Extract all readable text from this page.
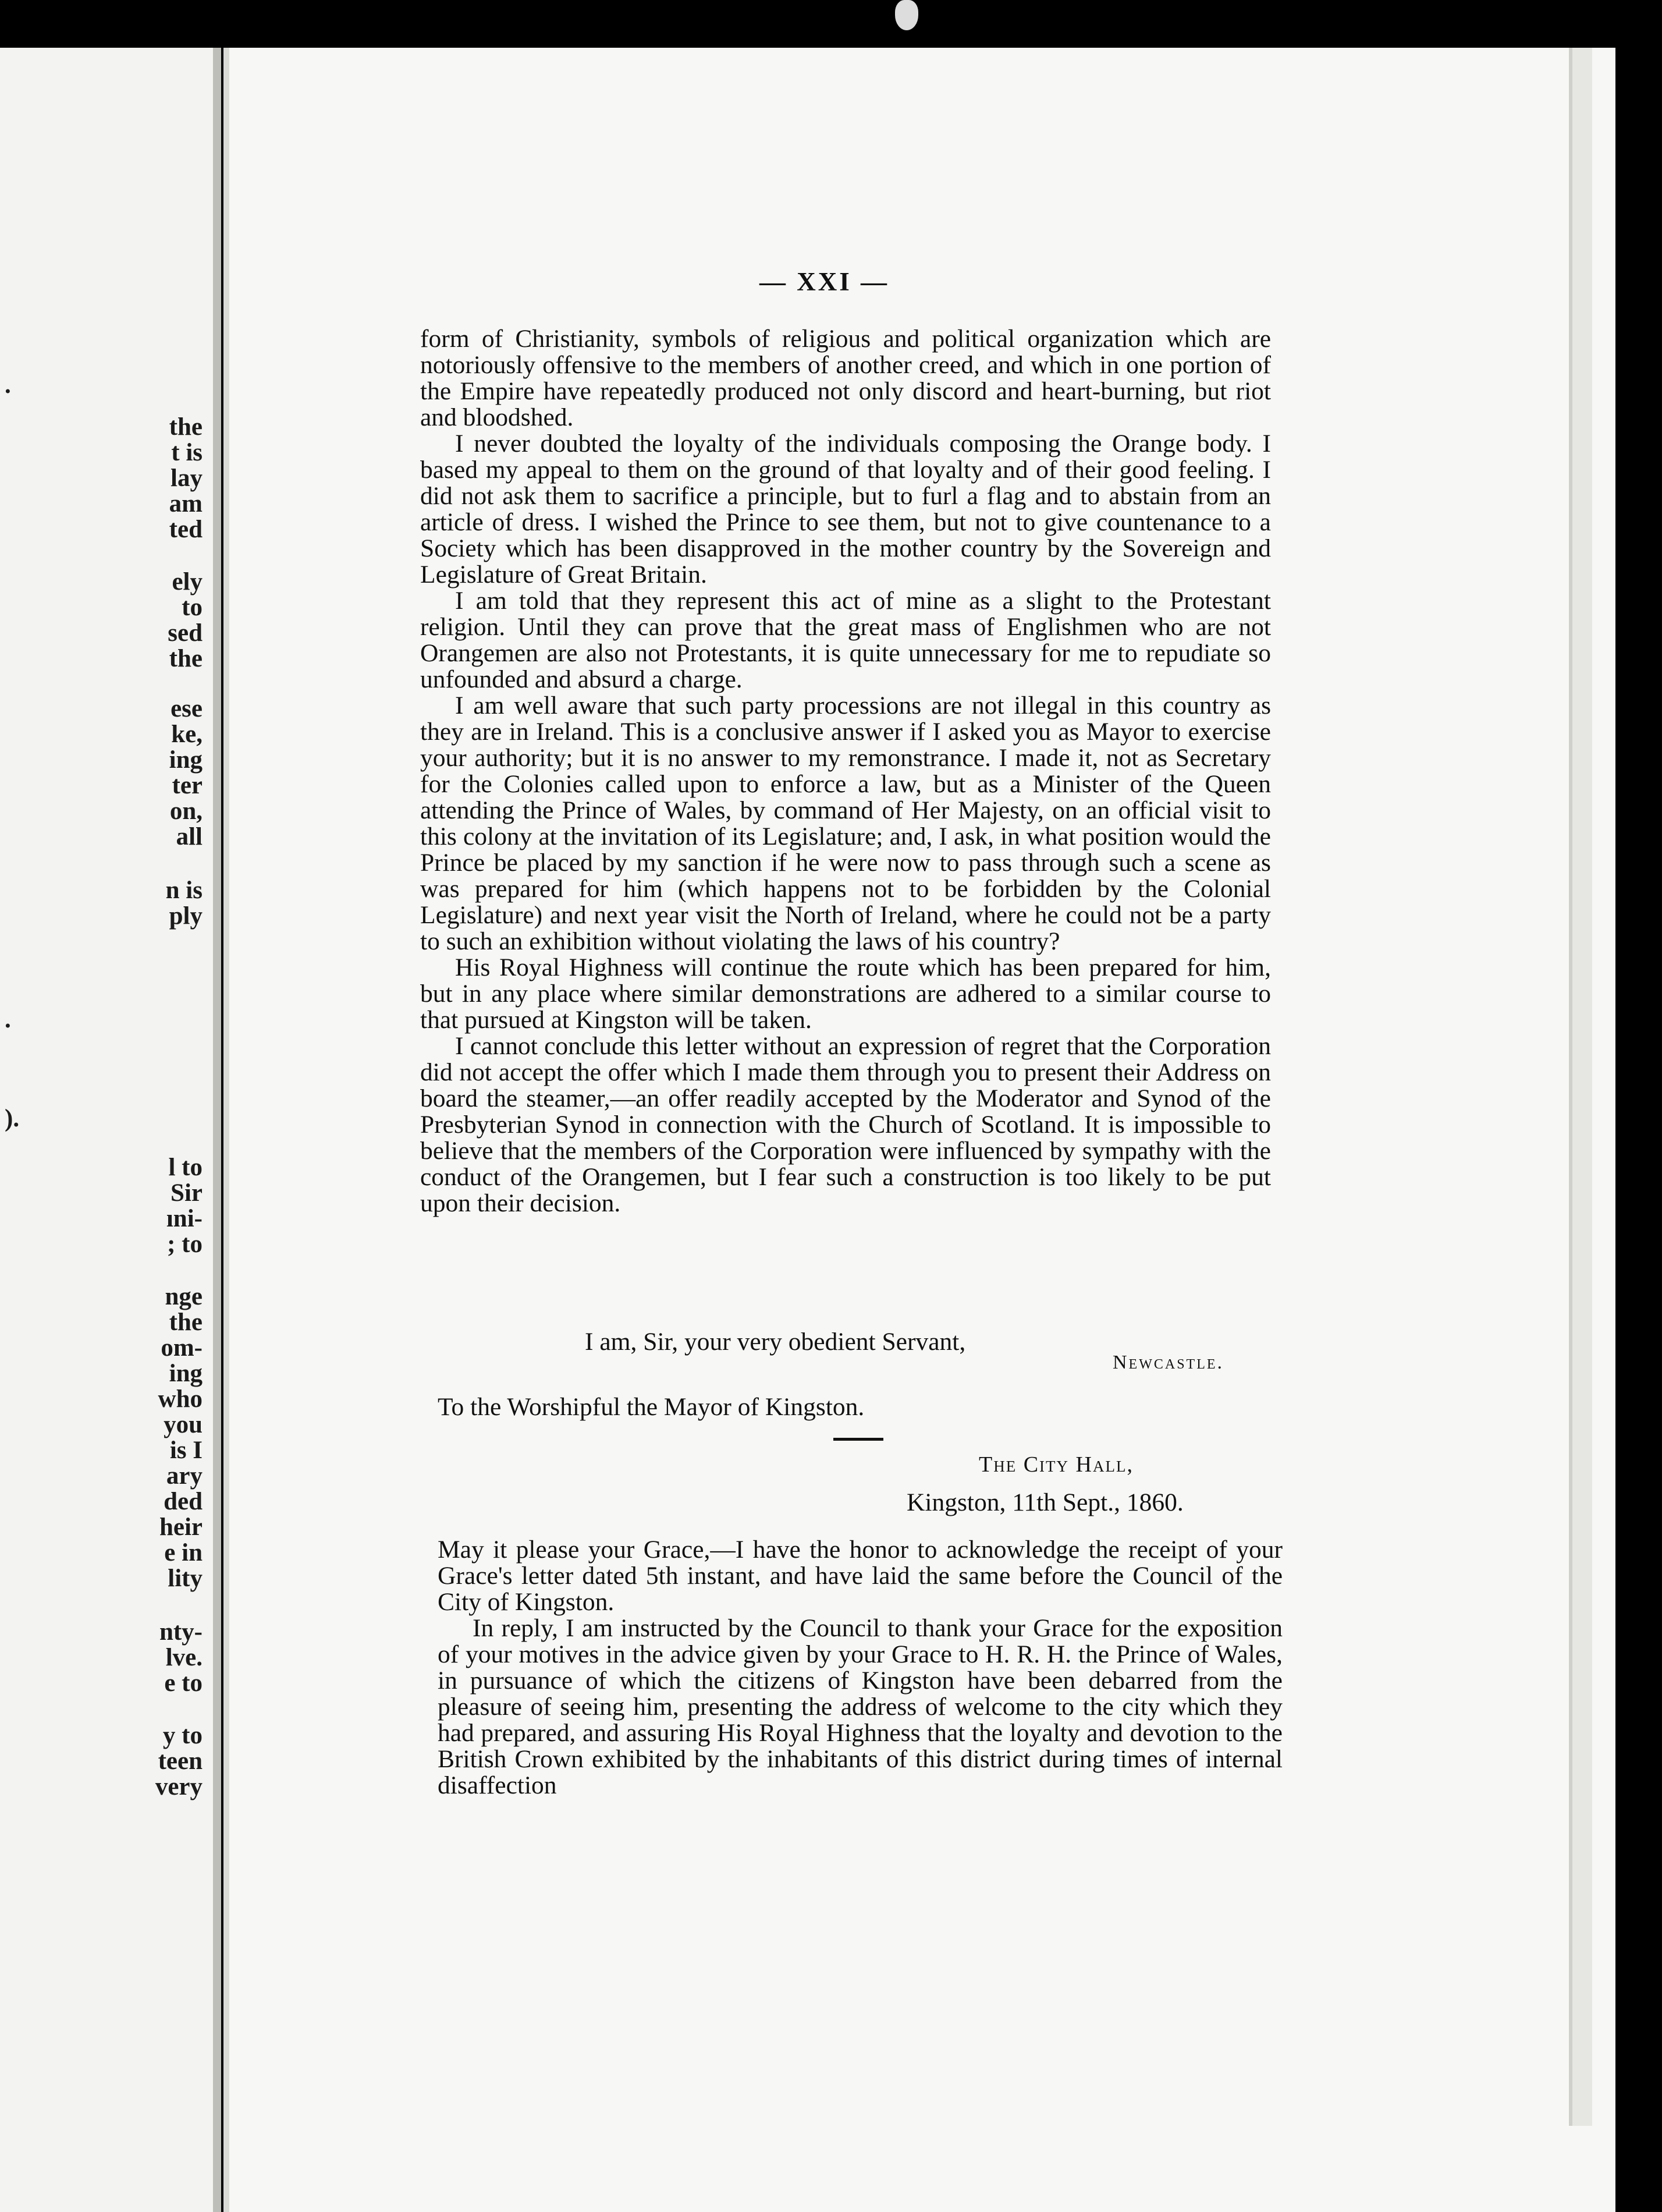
.
the
t is
lay
am
ted
ely
to
sed
the
ese
ke,
ing
ter
on,
all
n is
ply
.
).
l to
Sir
ıni-
; to
nge
the
om-
ing
who
you
is I
ary
ded
heir
e in
lity
nty-
lve.
e to
y to
teen
very
— XXI —

form of Christianity, symbols of religious and political organization which are notoriously offensive to the members of another creed, and which in one portion of the Empire have repeatedly produced not only discord and heart-burning, but riot and bloodshed.

I never doubted the loyalty of the individuals composing the Orange body. I based my appeal to them on the ground of that loyalty and of their good feeling. I did not ask them to sacrifice a principle, but to furl a flag and to abstain from an article of dress. I wished the Prince to see them, but not to give countenance to a Society which has been disapproved in the mother country by the Sovereign and Legislature of Great Britain.

I am told that they represent this act of mine as a slight to the Protestant religion. Until they can prove that the great mass of Englishmen who are not Orangemen are also not Protestants, it is quite unnecessary for me to repudiate so unfounded and absurd a charge.

I am well aware that such party processions are not illegal in this country as they are in Ireland. This is a conclusive answer if I asked you as Mayor to exercise your authority; but it is no answer to my remonstrance. I made it, not as Secretary for the Colonies called upon to enforce a law, but as a Minister of the Queen attending the Prince of Wales, by command of Her Majesty, on an official visit to this colony at the invitation of its Legislature; and, I ask, in what position would the Prince be placed by my sanction if he were now to pass through such a scene as was prepared for him (which happens not to be forbidden by the Colonial Legislature) and next year visit the North of Ireland, where he could not be a party to such an exhibition without violating the laws of his country?

His Royal Highness will continue the route which has been prepared for him, but in any place where similar demonstrations are adhered to a similar course to that pursued at Kingston will be taken.

I cannot conclude this letter without an expression of regret that the Corporation did not accept the offer which I made them through you to present their Address on board the steamer,—an offer readily accepted by the Moderator and Synod of the Presbyterian Synod in connection with the Church of Scotland. It is impossible to believe that the members of the Corporation were influenced by sympathy with the conduct of the Orangemen, but I fear such a construction is too likely to be put upon their decision.

I am, Sir, your very obedient Servant,
Newcastle.
To the Worshipful the Mayor of Kingston.
The City Hall,
Kingston, 11th Sept., 1860.

May it please your Grace,—I have the honor to acknowledge the receipt of your Grace's letter dated 5th instant, and have laid the same before the Council of the City of Kingston.

In reply, I am instructed by the Council to thank your Grace for the exposition of your motives in the advice given by your Grace to H. R. H. the Prince of Wales, in pursuance of which the citizens of Kingston have been debarred from the pleasure of seeing him, presenting the address of welcome to the city which they had prepared, and assuring His Royal Highness that the loyalty and devotion to the British Crown exhibited by the inhabitants of this district during times of internal disaffection
